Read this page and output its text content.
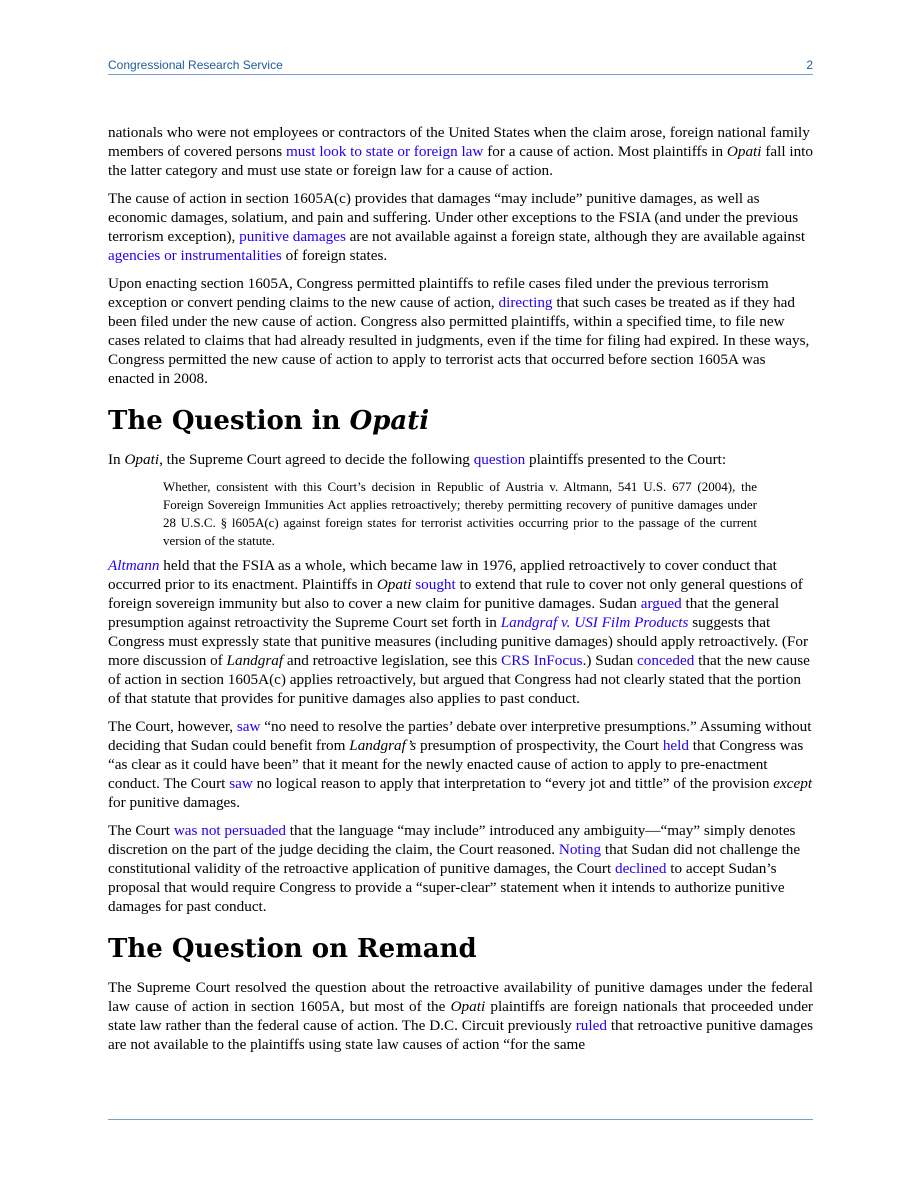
Congressional Research Service	2

nationals who were not employees or contractors of the United States when the claim arose, foreign national family members of covered persons must look to state or foreign law for a cause of action. Most plaintiffs in Opati fall into the latter category and must use state or foreign law for a cause of action.

The cause of action in section 1605A(c) provides that damages “may include” punitive damages, as well as economic damages, solatium, and pain and suffering. Under other exceptions to the FSIA (and under the previous terrorism exception), punitive damages are not available against a foreign state, although they are available against agencies or instrumentalities of foreign states.

Upon enacting section 1605A, Congress permitted plaintiffs to refile cases filed under the previous terrorism exception or convert pending claims to the new cause of action, directing that such cases be treated as if they had been filed under the new cause of action. Congress also permitted plaintiffs, within a specified time, to file new cases related to claims that had already resulted in judgments, even if the time for filing had expired. In these ways, Congress permitted the new cause of action to apply to terrorist acts that occurred before section 1605A was enacted in 2008.

The Question in Opati

In Opati, the Supreme Court agreed to decide the following question plaintiffs presented to the Court:

Whether, consistent with this Court’s decision in Republic of Austria v. Altmann, 541 U.S. 677 (2004), the Foreign Sovereign Immunities Act applies retroactively; thereby permitting recovery of punitive damages under 28 U.S.C. § l605A(c) against foreign states for terrorist activities occurring prior to the passage of the current version of the statute.

Altmann held that the FSIA as a whole, which became law in 1976, applied retroactively to cover conduct that occurred prior to its enactment. Plaintiffs in Opati sought to extend that rule to cover not only general questions of foreign sovereign immunity but also to cover a new claim for punitive damages. Sudan argued that the general presumption against retroactivity the Supreme Court set forth in Landgraf v. USI Film Products suggests that Congress must expressly state that punitive measures (including punitive damages) should apply retroactively. (For more discussion of Landgraf and retroactive legislation, see this CRS InFocus.) Sudan conceded that the new cause of action in section 1605A(c) applies retroactively, but argued that Congress had not clearly stated that the portion of that statute that provides for punitive damages also applies to past conduct.

The Court, however, saw “no need to resolve the parties’ debate over interpretive presumptions.” Assuming without deciding that Sudan could benefit from Landgraf’s presumption of prospectivity, the Court held that Congress was “as clear as it could have been” that it meant for the newly enacted cause of action to apply to pre-enactment conduct. The Court saw no logical reason to apply that interpretation to “every jot and tittle” of the provision except for punitive damages.

The Court was not persuaded that the language “may include” introduced any ambiguity—“may” simply denotes discretion on the part of the judge deciding the claim, the Court reasoned. Noting that Sudan did not challenge the constitutional validity of the retroactive application of punitive damages, the Court declined to accept Sudan’s proposal that would require Congress to provide a “super-clear” statement when it intends to authorize punitive damages for past conduct.

The Question on Remand

The Supreme Court resolved the question about the retroactive availability of punitive damages under the federal law cause of action in section 1605A, but most of the Opati plaintiffs are foreign nationals that proceeded under state law rather than the federal cause of action. The D.C. Circuit previously ruled that retroactive punitive damages are not available to the plaintiffs using state law causes of action “for the same
